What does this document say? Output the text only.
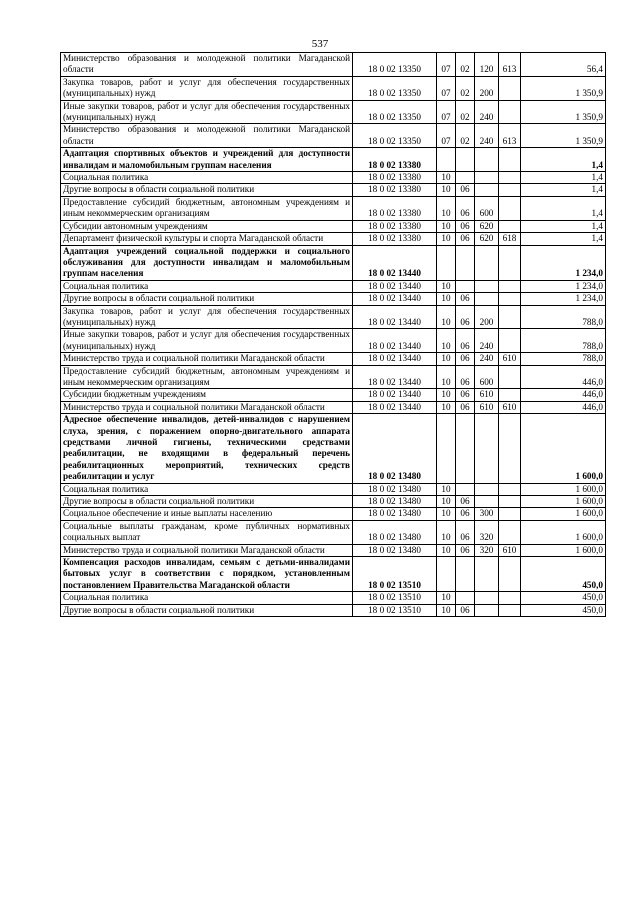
537
Министерство образования и молодежной политики Магаданской области	18 0 02 13350	07	02	120	613	56,4
Закупка товаров, работ и услуг для обеспечения государственных (муниципальных) нужд	18 0 02 13350	07	02	200		1 350,9
Иные закупки товаров, работ и услуг для обеспечения государственных (муниципальных) нужд	18 0 02 13350	07	02	240		1 350,9
Министерство образования и молодежной политики Магаданской области	18 0 02 13350	07	02	240	613	1 350,9
Адаптация спортивных объектов и учреждений для доступности инвалидам и маломобильным группам населения	18 0 02 13380					1,4
Социальная политика	18 0 02 13380	10				1,4
Другие вопросы в области социальной политики	18 0 02 13380	10	06			1,4
Предоставление субсидий бюджетным, автономным учреждениям и иным некоммерческим организациям	18 0 02 13380	10	06	600		1,4
Субсидии автономным учреждениям	18 0 02 13380	10	06	620		1,4
Департамент физической культуры и спорта Магаданской области	18 0 02 13380	10	06	620	618	1,4
Адаптация учреждений социальной поддержки и социального обслуживания для доступности инвалидам и маломобильным группам населения	18 0 02 13440					1 234,0
Социальная политика	18 0 02 13440	10				1 234,0
Другие вопросы в области социальной политики	18 0 02 13440	10	06			1 234,0
Закупка товаров, работ и услуг для обеспечения государственных (муниципальных) нужд	18 0 02 13440	10	06	200		788,0
Иные закупки товаров, работ и услуг для обеспечения государственных (муниципальных) нужд	18 0 02 13440	10	06	240		788,0
Министерство труда и социальной политики Магаданской области	18 0 02 13440	10	06	240	610	788,0
Предоставление субсидий бюджетным, автономным учреждениям и иным некоммерческим организациям	18 0 02 13440	10	06	600		446,0
Субсидии бюджетным учреждениям	18 0 02 13440	10	06	610		446,0
Министерство труда и социальной политики Магаданской области	18 0 02 13440	10	06	610	610	446,0
Адресное обеспечение инвалидов, детей-инвалидов с нарушением слуха, зрения, с поражением опорно-двигательного аппарата средствами личной гигиены, техническими средствами реабилитации, не входящими в федеральный перечень реабилитационных мероприятий, технических средств реабилитации и услуг	18 0 02 13480					1 600,0
Социальная политика	18 0 02 13480	10				1 600,0
Другие вопросы в области социальной политики	18 0 02 13480	10	06			1 600,0
Социальное обеспечение и иные выплаты населению	18 0 02 13480	10	06	300		1 600,0
Социальные выплаты гражданам, кроме публичных нормативных социальных выплат	18 0 02 13480	10	06	320		1 600,0
Министерство труда и социальной политики Магаданской области	18 0 02 13480	10	06	320	610	1 600,0
Компенсация расходов инвалидам, семьям с детьми-инвалидами бытовых услуг в соответствии с порядком, установленным постановлением Правительства Магаданской области	18 0 02 13510					450,0
Социальная политика	18 0 02 13510	10				450,0
Другие вопросы в области социальной политики	18 0 02 13510	10	06			450,0
